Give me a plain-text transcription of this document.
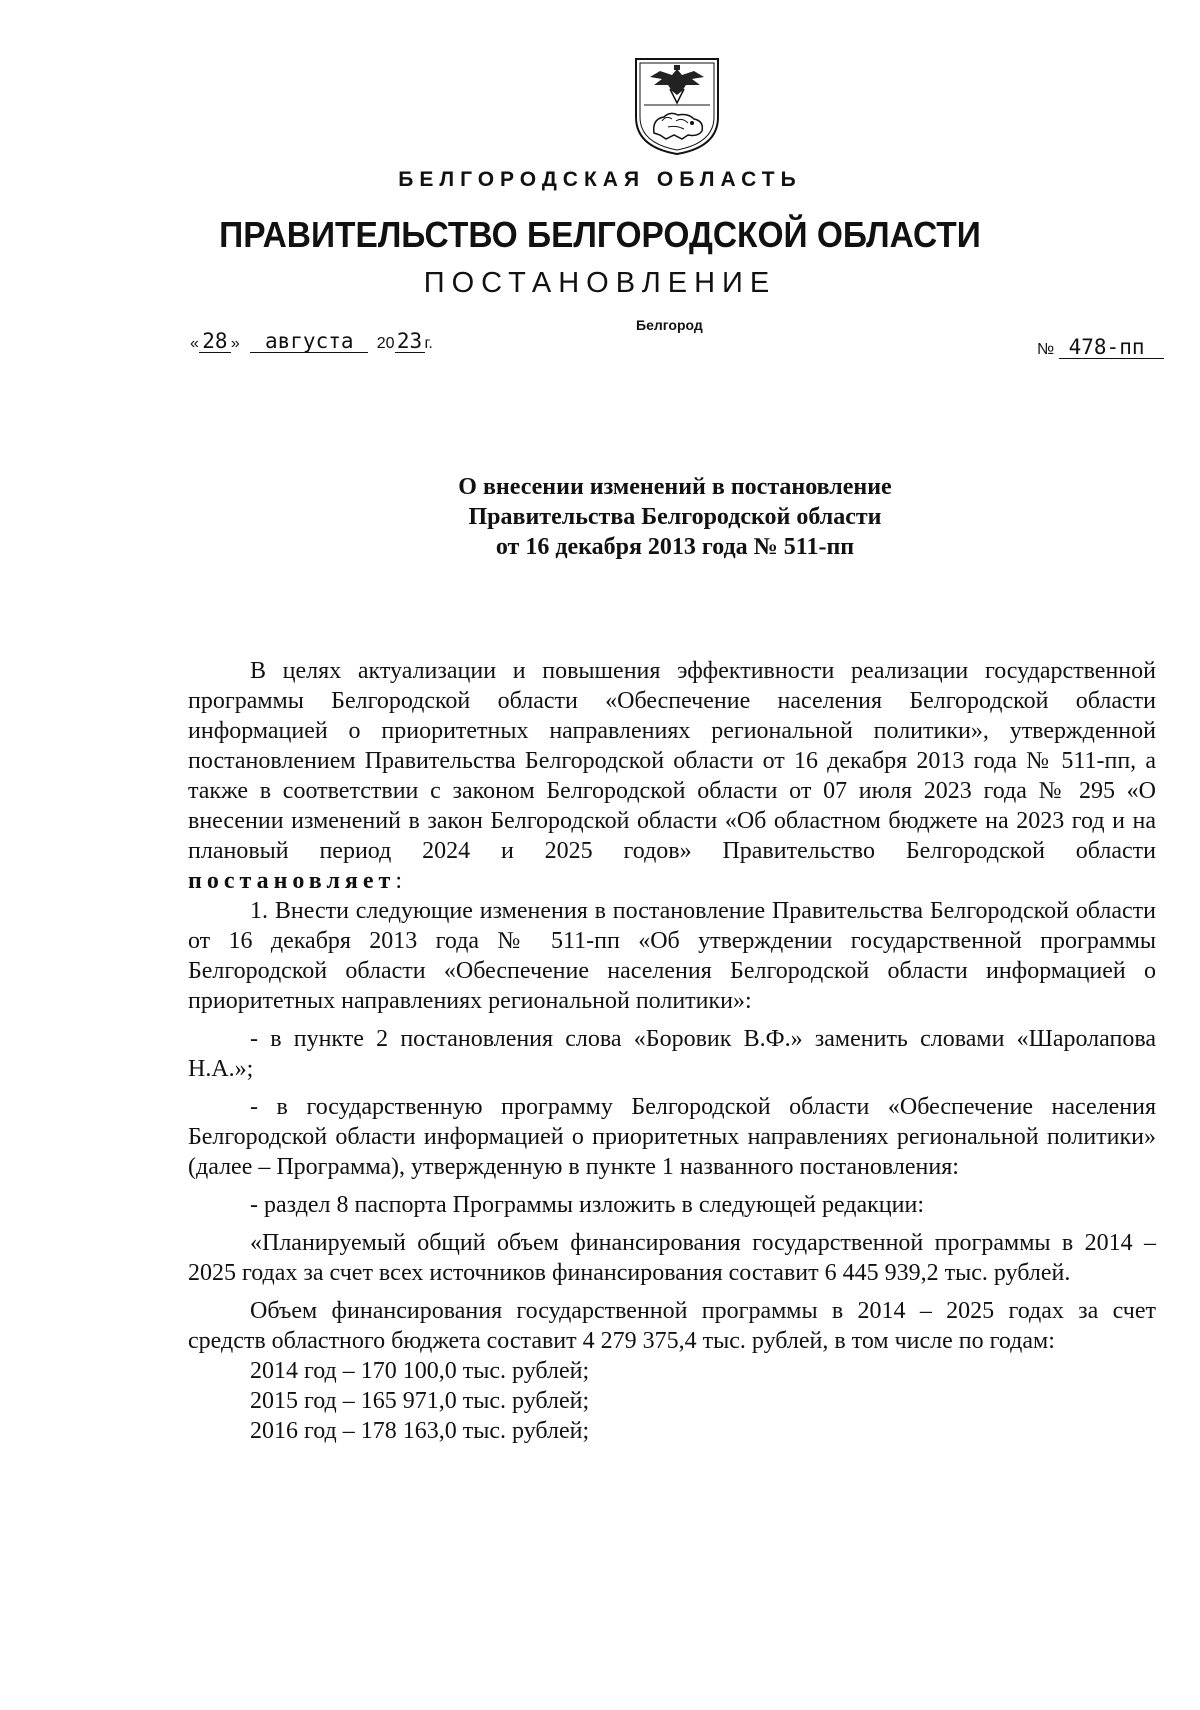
БЕЛГОРОДСКАЯ ОБЛАСТЬ
ПРАВИТЕЛЬСТВО БЕЛГОРОДСКОЙ ОБЛАСТИ
ПОСТАНОВЛЕНИЕ
Белгород
« 28 » августа 20 23 г.	№ 478-пп
О внесении изменений в постановление
Правительства Белгородской области
от 16 декабря 2013 года № 511-пп

В целях актуализации и повышения эффективности реализации государственной программы Белгородской области «Обеспечение населения Белгородской области информацией о приоритетных направлениях региональной политики», утвержденной постановлением Правительства Белгородской области от 16 декабря 2013 года № 511-пп, а также в соответствии с законом Белгородской области от 07 июля 2023 года № 295 «О внесении изменений в закон Белгородской области «Об областном бюджете на 2023 год и на плановый период 2024 и 2025 годов» Правительство Белгородской области постановляет:

1. Внести следующие изменения в постановление Правительства Белгородской области от 16 декабря 2013 года № 511-пп «Об утверждении государственной программы Белгородской области «Обеспечение населения Белгородской области информацией о приоритетных направлениях региональной политики»:

- в пункте 2 постановления слова «Боровик В.Ф.» заменить словами «Шаролапова Н.А.»;

- в государственную программу Белгородской области «Обеспечение населения Белгородской области информацией о приоритетных направлениях региональной политики» (далее – Программа), утвержденную в пункте 1 названного постановления:

- раздел 8 паспорта Программы изложить в следующей редакции:

«Планируемый общий объем финансирования государственной программы в 2014 – 2025 годах за счет всех источников финансирования составит 6 445 939,2 тыс. рублей.

Объем финансирования государственной программы в 2014 – 2025 годах за счет средств областного бюджета составит 4 279 375,4 тыс. рублей, в том числе по годам:

2014 год – 170 100,0 тыс. рублей;

2015 год – 165 971,0 тыс. рублей;

2016 год – 178 163,0 тыс. рублей;
